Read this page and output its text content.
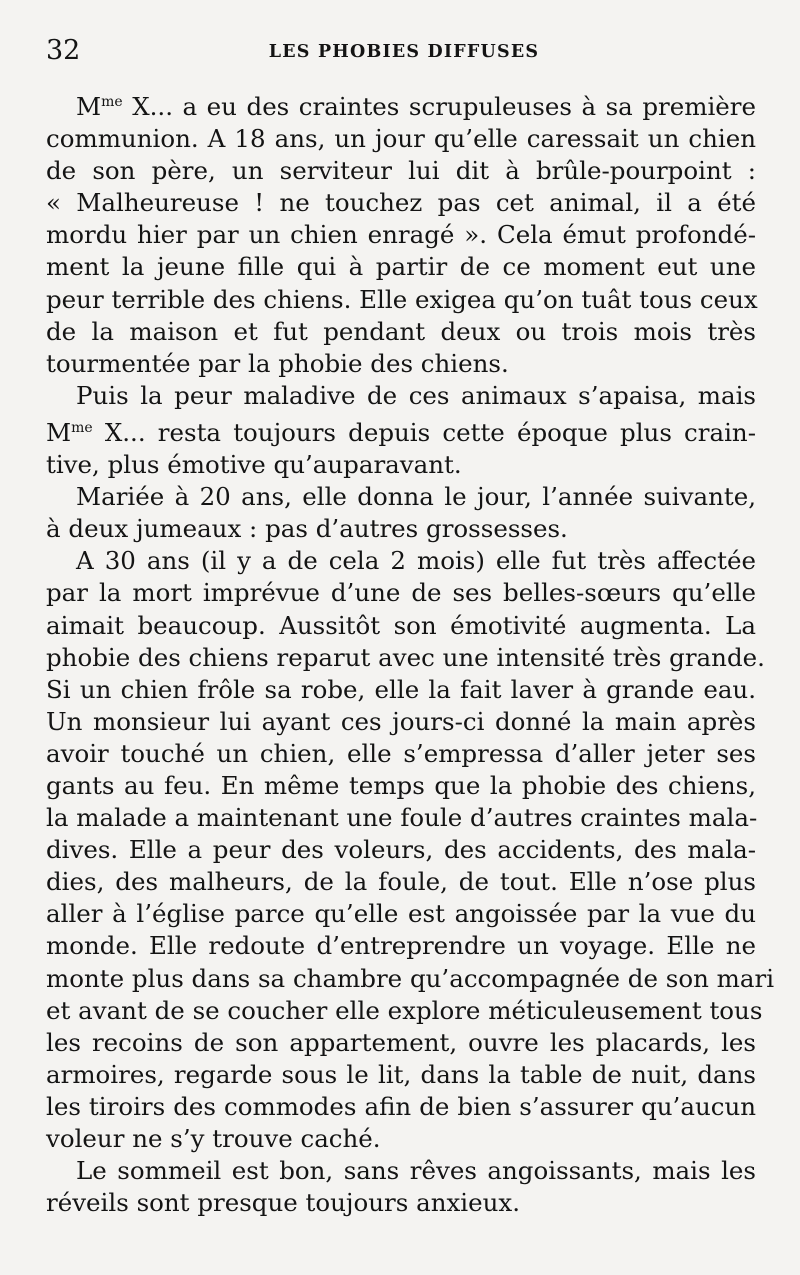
32	LES PHOBIES DIFFUSES
$M^{me}$ X... a eu des craintes scrupuleuses à sa première
communion. A 18 ans, un jour qu’elle caressait un chien
de son père, un serviteur lui dit à brûle-pourpoint :
« Malheureuse ! ne touchez pas cet animal, il a été
mordu hier par un chien enragé ». Cela émut profondé-
ment la jeune fille qui à partir de ce moment eut une
peur terrible des chiens. Elle exigea qu’on tuât tous ceux
de la maison et fut pendant deux ou trois mois très
tourmentée par la phobie des chiens.
Puis la peur maladive de ces animaux s’apaisa, mais
$M^{me}$ X... resta toujours depuis cette époque plus crain-
tive, plus émotive qu’auparavant.
Mariée à 20 ans, elle donna le jour, l’année suivante,
à deux jumeaux : pas d’autres grossesses.
A 30 ans (il y a de cela 2 mois) elle fut très affectée
par la mort imprévue d’une de ses belles-sœurs qu’elle
aimait beaucoup. Aussitôt son émotivité augmenta. La
phobie des chiens reparut avec une intensité très grande.
Si un chien frôle sa robe, elle la fait laver à grande eau.
Un monsieur lui ayant ces jours-ci donné la main après
avoir touché un chien, elle s’empressa d’aller jeter ses
gants au feu. En même temps que la phobie des chiens,
la malade a maintenant une foule d’autres craintes mala-
dives. Elle a peur des voleurs, des accidents, des mala-
dies, des malheurs, de la foule, de tout. Elle n’ose plus
aller à l’église parce qu’elle est angoissée par la vue du
monde. Elle redoute d’entreprendre un voyage. Elle ne
monte plus dans sa chambre qu’accompagnée de son mari
et avant de se coucher elle explore méticuleusement tous
les recoins de son appartement, ouvre les placards, les
armoires, regarde sous le lit, dans la table de nuit, dans
les tiroirs des commodes afin de bien s’assurer qu’aucun
voleur ne s’y trouve caché.
Le sommeil est bon, sans rêves angoissants, mais les
réveils sont presque toujours anxieux.
